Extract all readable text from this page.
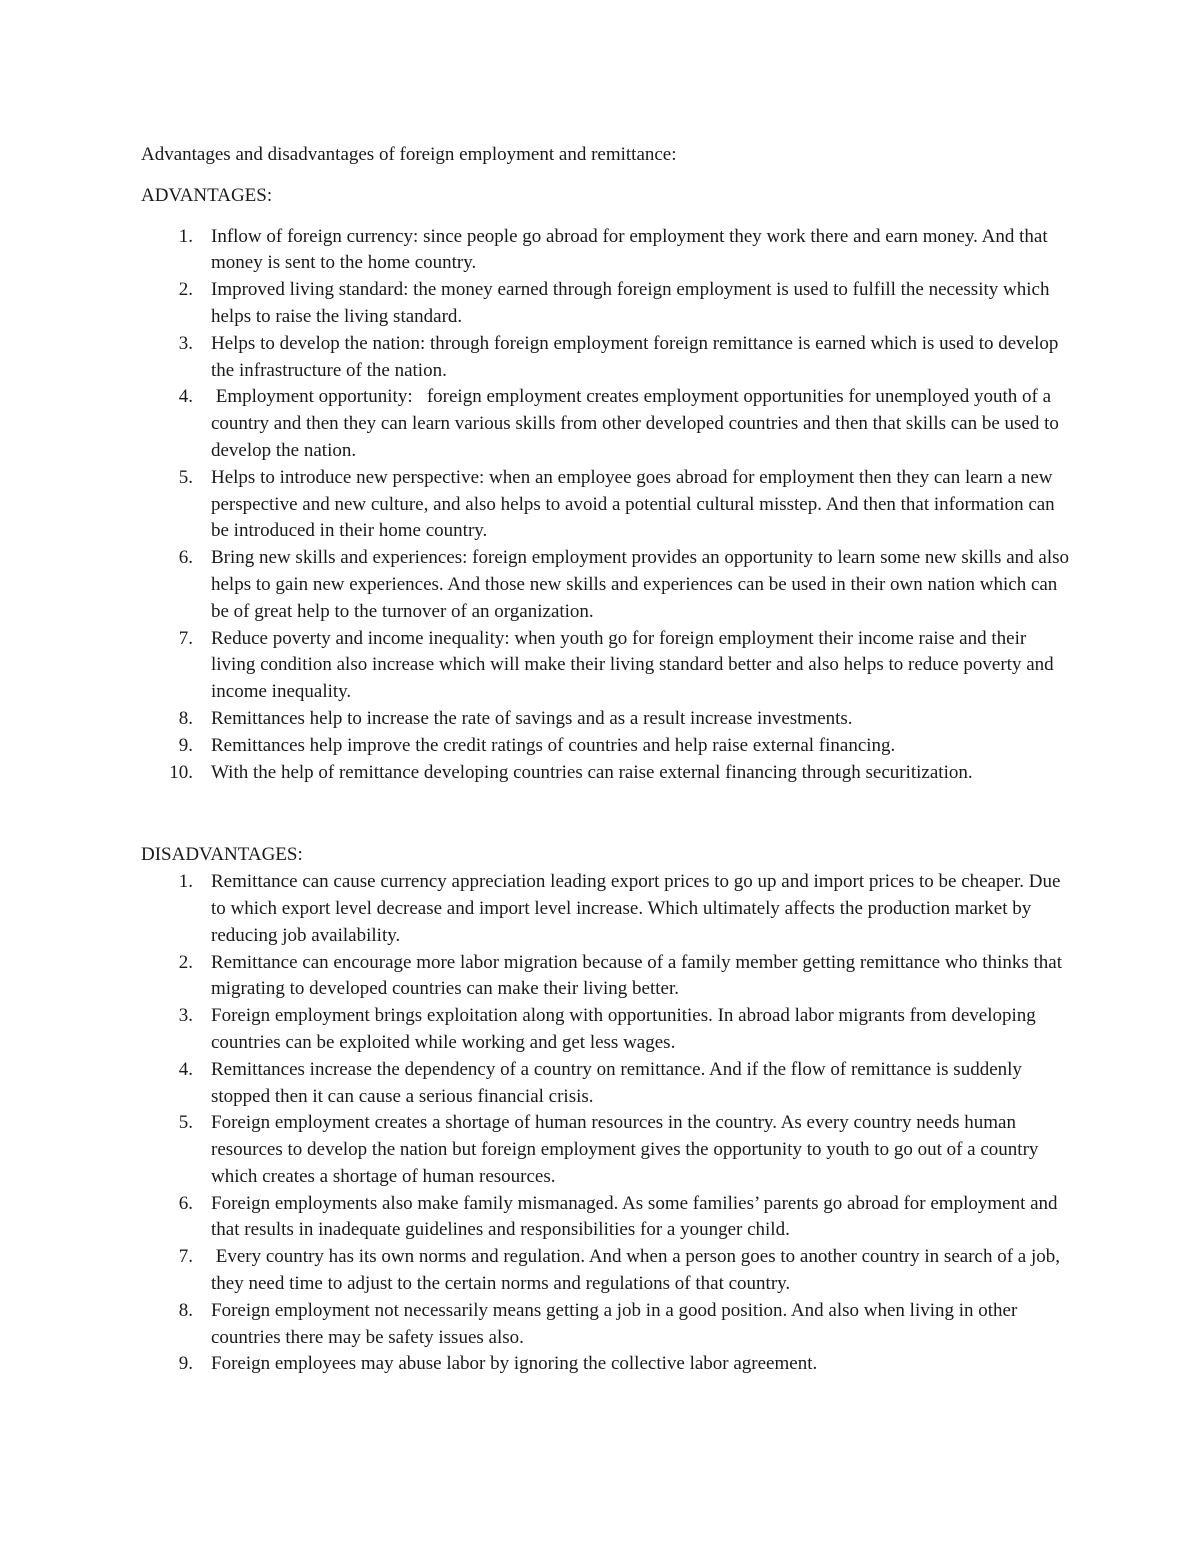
Advantages and disadvantages of foreign employment and remittance:

ADVANTAGES:

1. Inflow of foreign currency: since people go abroad for employment they work there and earn money. And that money is sent to the home country.
2. Improved living standard: the money earned through foreign employment is used to fulfill the necessity which helps to raise the living standard.
3. Helps to develop the nation: through foreign employment foreign remittance is earned which is used to develop the infrastructure of the nation.
4. Employment opportunity:   foreign employment creates employment opportunities for unemployed youth of a country and then they can learn various skills from other developed countries and then that skills can be used to develop the nation.
5. Helps to introduce new perspective: when an employee goes abroad for employment then they can learn a new perspective and new culture, and also helps to avoid a potential cultural misstep. And then that information can be introduced in their home country.
6. Bring new skills and experiences: foreign employment provides an opportunity to learn some new skills and also helps to gain new experiences. And those new skills and experiences can be used in their own nation which can be of great help to the turnover of an organization.
7. Reduce poverty and income inequality: when youth go for foreign employment their income raise and their living condition also increase which will make their living standard better and also helps to reduce poverty and income inequality.
8. Remittances help to increase the rate of savings and as a result increase investments.
9. Remittances help improve the credit ratings of countries and help raise external financing.
10. With the help of remittance developing countries can raise external financing through securitization.

DISADVANTAGES:

1. Remittance can cause currency appreciation leading export prices to go up and import prices to be cheaper. Due to which export level decrease and import level increase. Which ultimately affects the production market by reducing job availability.
2. Remittance can encourage more labor migration because of a family member getting remittance who thinks that migrating to developed countries can make their living better.
3. Foreign employment brings exploitation along with opportunities. In abroad labor migrants from developing countries can be exploited while working and get less wages.
4. Remittances increase the dependency of a country on remittance. And if the flow of remittance is suddenly stopped then it can cause a serious financial crisis.
5. Foreign employment creates a shortage of human resources in the country. As every country needs human resources to develop the nation but foreign employment gives the opportunity to youth to go out of a country which creates a shortage of human resources.
6. Foreign employments also make family mismanaged. As some families’ parents go abroad for employment and that results in inadequate guidelines and responsibilities for a younger child.
7. Every country has its own norms and regulation. And when a person goes to another country in search of a job, they need time to adjust to the certain norms and regulations of that country.
8. Foreign employment not necessarily means getting a job in a good position. And also when living in other countries there may be safety issues also.
9. Foreign employees may abuse labor by ignoring the collective labor agreement.
